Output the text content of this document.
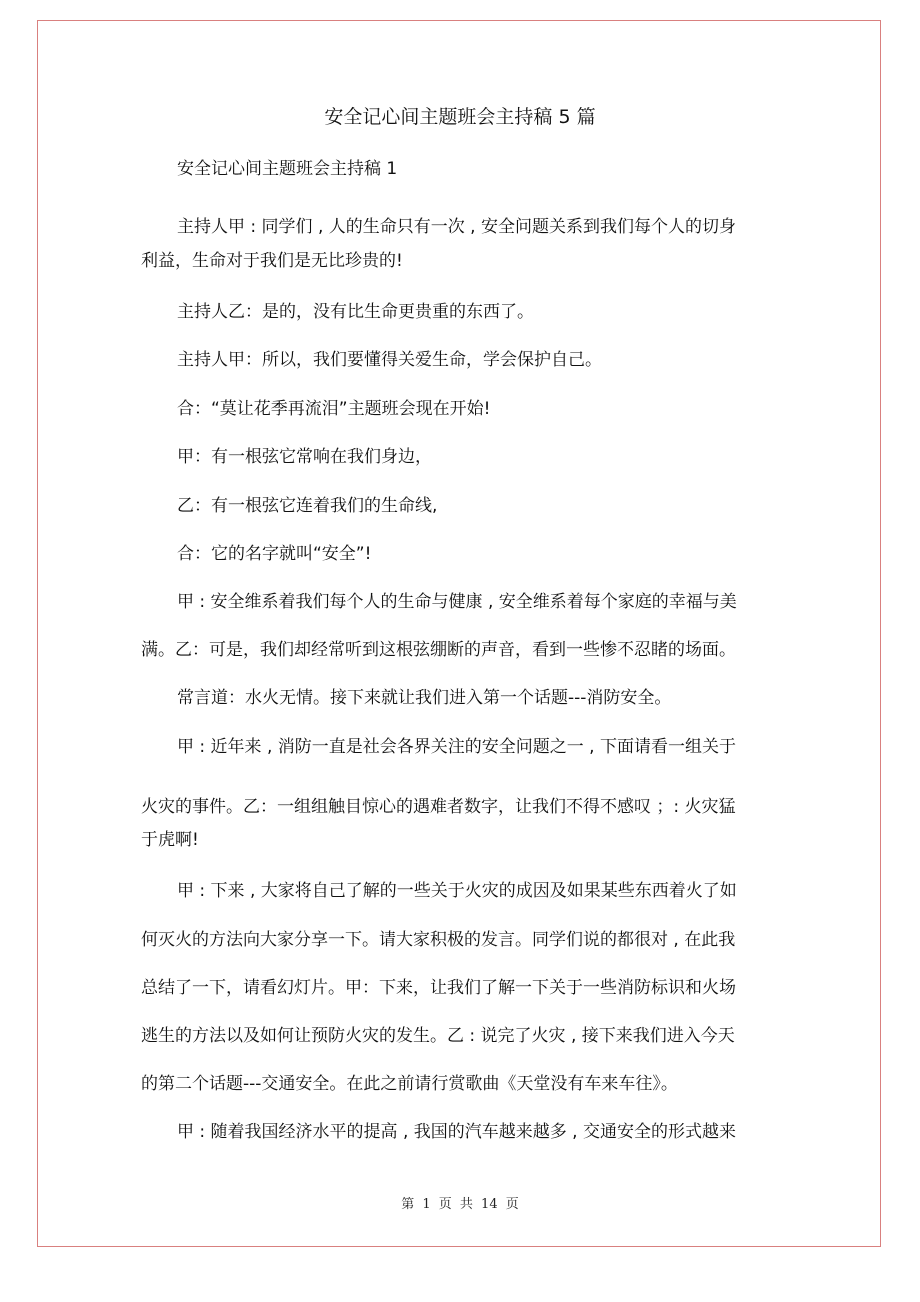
安全记心间主题班会主持稿 5 篇

安全记心间主题班会主持稿 1

主持人甲 : 同学们 , 人的生命只有一次 , 安全问题关系到我们每个人的切身

利益，生命对于我们是无比珍贵的!

主持人乙：是的，没有比生命更贵重的东西了。

主持人甲：所以，我们要懂得关爱生命，学会保护自己。

合：“莫让花季再流泪”主题班会现在开始!

甲：有一根弦它常响在我们身边，

乙：有一根弦它连着我们的生命线,

合：它的名字就叫“安全”!

甲 : 安全维系着我们每个人的生命与健康 , 安全维系着每个家庭的幸福与美

满。乙：可是，我们却经常听到这根弦绷断的声音，看到一些惨不忍睹的场面。

常言道：水火无情。接下来就让我们进入第一个话题---消防安全。

甲 : 近年来 , 消防一直是社会各界关注的安全问题之一 , 下面请看一组关于

火灾的事件。乙：一组组触目惊心的遇难者数字，让我们不得不感叹 ；: 火灾猛

于虎啊!

甲 : 下来 , 大家将自己了解的一些关于火灾的成因及如果某些东西着火了如

何灭火的方法向大家分享一下。请大家积极的发言。同学们说的都很对 , 在此我

总结了一下，请看幻灯片。甲：下来，让我们了解一下关于一些消防标识和火场

逃生的方法以及如何让预防火灾的发生。乙 : 说完了火灾 , 接下来我们进入今天

的第二个话题---交通安全。在此之前请行赏歌曲《天堂没有车来车往》。

甲 : 随着我国经济水平的提高 , 我国的汽车越来越多 , 交通安全的形式越来

第 1 页 共 14 页
